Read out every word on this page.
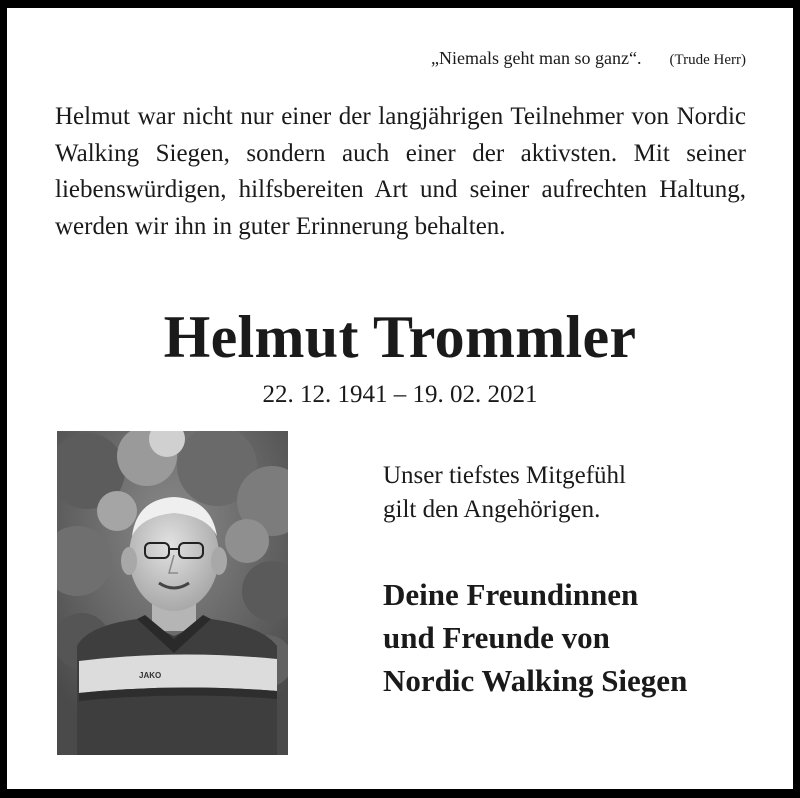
„Niemals geht man so ganz“. (Trude Herr)
Helmut war nicht nur einer der langjährigen Teilnehmer von Nordic Walking Siegen, sondern auch einer der aktivsten. Mit seiner liebenswürdigen, hilfsbereiten Art und seiner aufrechten Haltung, werden wir ihn in guter Erinnerung behalten.
Helmut Trommler
22. 12. 1941 – 19. 02. 2021
JAKO
Unser tiefstes Mitgefühl
gilt den Angehörigen.
Deine Freundinnen
und Freunde von
Nordic Walking Siegen
